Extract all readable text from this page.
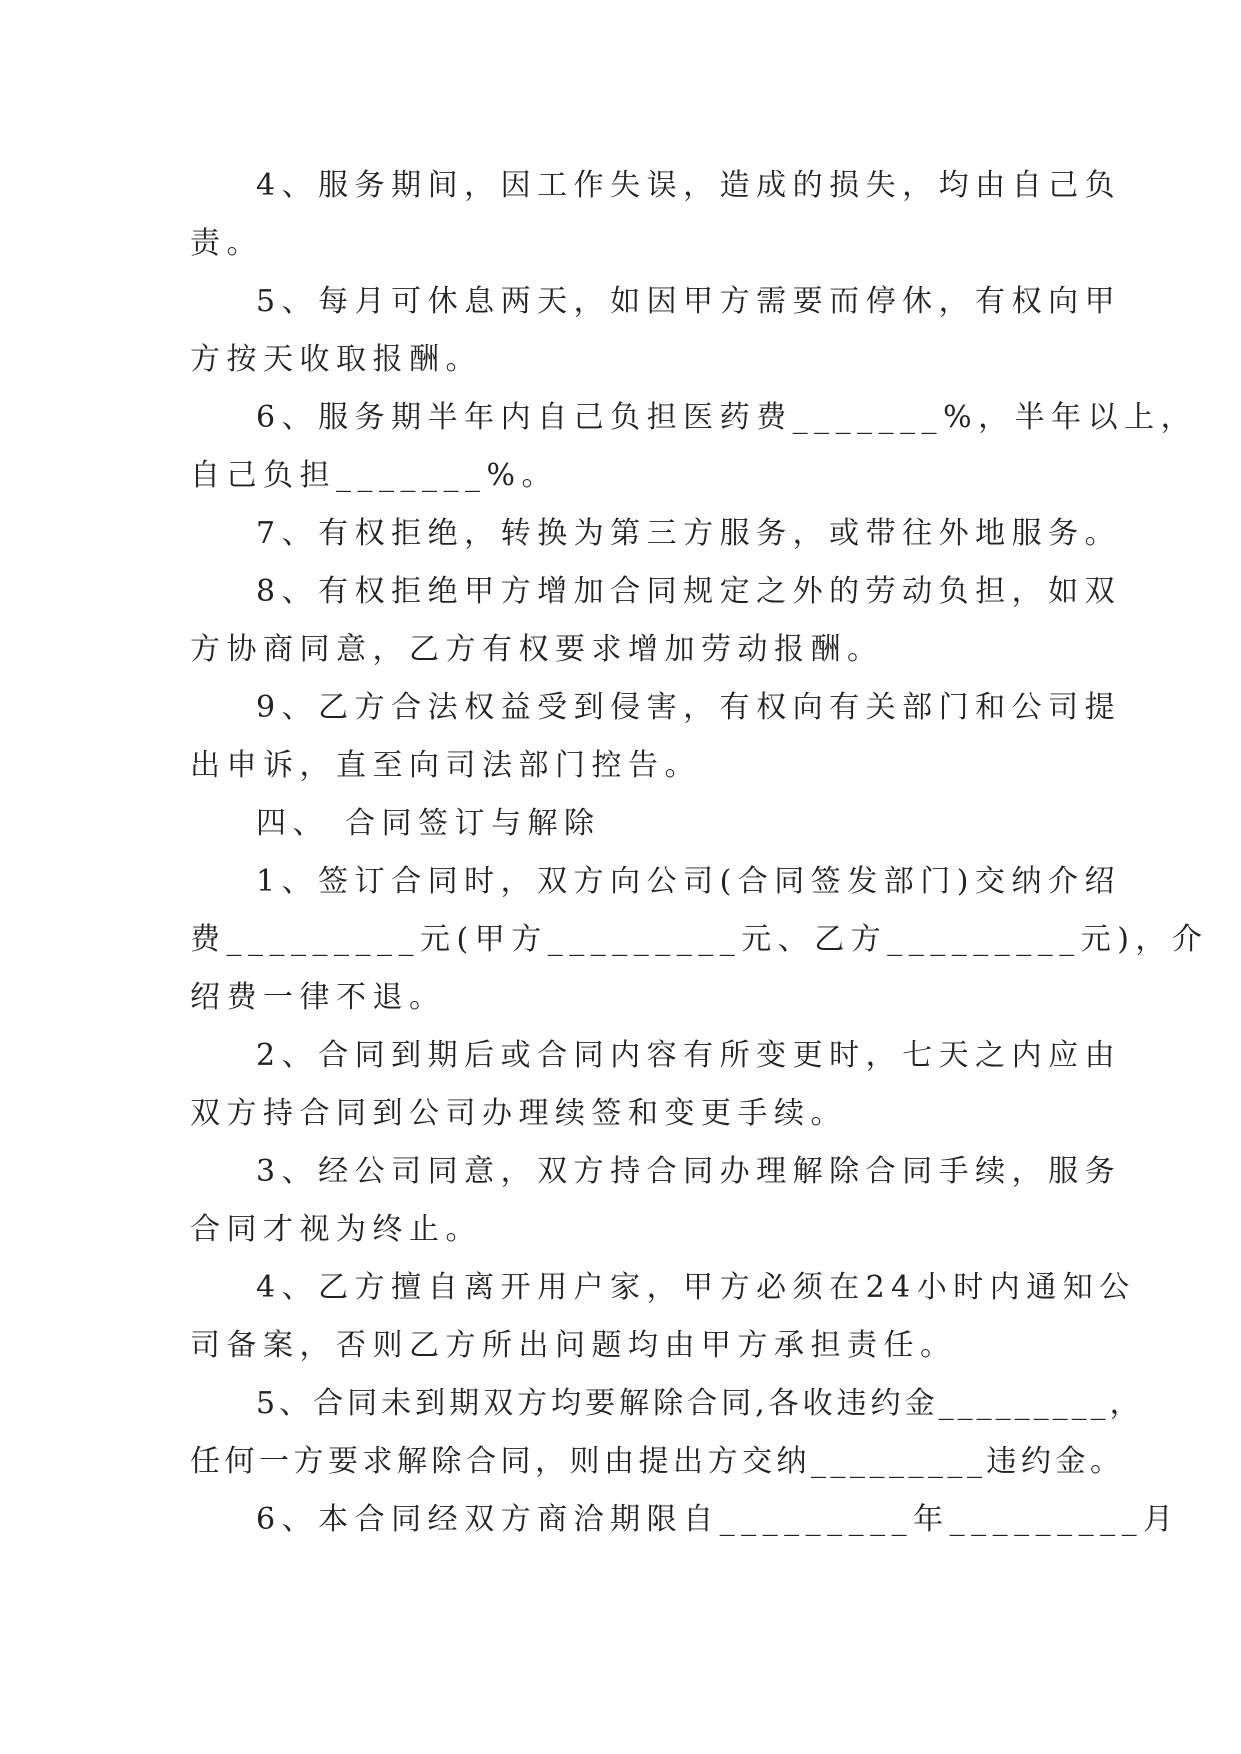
4、服务期间，因工作失误，造成的损失，均由自己负
责。
5、每月可休息两天，如因甲方需要而停休，有权向甲
方按天收取报酬。
6、服务期半年内自己负担医药费_______%，半年以上，
自己负担_______%。
7、有权拒绝，转换为第三方服务，或带往外地服务。
8、有权拒绝甲方增加合同规定之外的劳动负担，如双
方协商同意，乙方有权要求增加劳动报酬。
9、乙方合法权益受到侵害，有权向有关部门和公司提
出申诉，直至向司法部门控告。
四、 合同签订与解除
1、签订合同时，双方向公司(合同签发部门)交纳介绍
费_________元(甲方_________元、乙方_________元)，介
绍费一律不退。
2、合同到期后或合同内容有所变更时，七天之内应由
双方持合同到公司办理续签和变更手续。
3、经公司同意，双方持合同办理解除合同手续，服务
合同才视为终止。
4、乙方擅自离开用户家，甲方必须在24小时内通知公
司备案，否则乙方所出问题均由甲方承担责任。
5、合同未到期双方均要解除合同,各收违约金_________，
任何一方要求解除合同，则由提出方交纳_________违约金。
6、本合同经双方商洽期限自_________年_________月
